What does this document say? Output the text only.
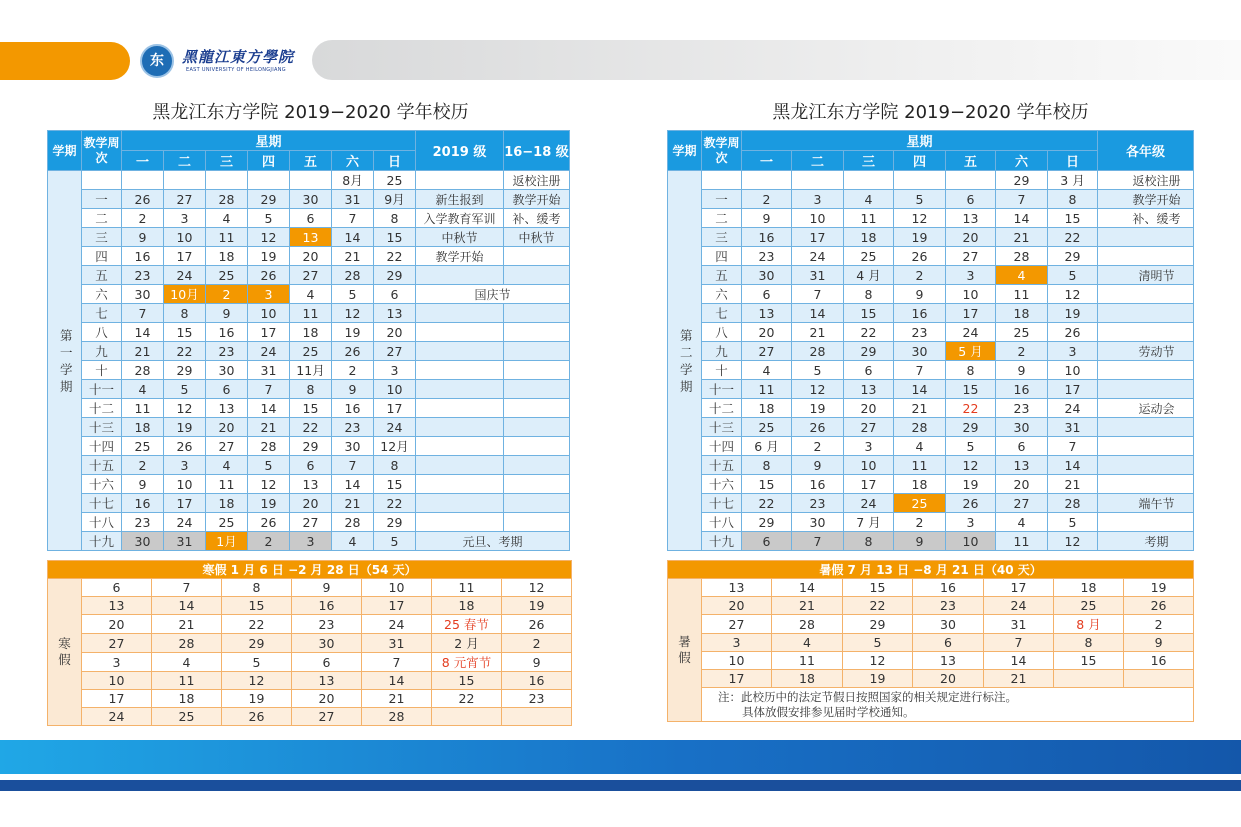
东	黑龍江東方學院
EAST UNIVERSITY OF HEILONGJIANG
黑龙江东方学院 2019−2020 学年校历	黑龙江东方学院 2019−2020 学年校历
学期	教学周次	星期							2019 级	16−18 级
		一	二	三	四	五	六	日		
第一学期							8月	25		返校注册
	一	26	27	28	29	30	31	9月	新生报到	教学开始
	二	2	3	4	5	6	7	8	入学教育军训	补、缓考
	三	9	10	11	12	13	14	15	中秋节	中秋节
	四	16	17	18	19	20	21	22	教学开始	
	五	23	24	25	26	27	28	29		
	六	30	10月	2	3	4	5	6	国庆节	
	七	7	8	9	10	11	12	13		
	八	14	15	16	17	18	19	20		
	九	21	22	23	24	25	26	27		
	十	28	29	30	31	11月	2	3		
	十一	4	5	6	7	8	9	10		
	十二	11	12	13	14	15	16	17		
	十三	18	19	20	21	22	23	24		
	十四	25	26	27	28	29	30	12月		
	十五	2	3	4	5	6	7	8		
	十六	9	10	11	12	13	14	15		
	十七	16	17	18	19	20	21	22		
	十八	23	24	25	26	27	28	29		
	十九	30	31	1月	2	3	4	5	元旦、考期	
寒假 1 月 6 日 −2 月 28 日（54 天）							
寒假	6	7	8	9	10	11	12
	13	14	15	16	17	18	19
	20	21	22	23	24	25 春节	26
	27	28	29	30	31	2 月	2
	3	4	5	6	7	8 元宵节	9
	10	11	12	13	14	15	16
	17	18	19	20	21	22	23
	24	25	26	27	28		
学期	教学周次	星期							各年级
		一	二	三	四	五	六	日	
第二学期							29	3 月	返校注册
	一	2	3	4	5	6	7	8	教学开始
	二	9	10	11	12	13	14	15	补、缓考
	三	16	17	18	19	20	21	22	
	四	23	24	25	26	27	28	29	
	五	30	31	4 月	2	3	4	5	清明节
	六	6	7	8	9	10	11	12	
	七	13	14	15	16	17	18	19	
	八	20	21	22	23	24	25	26	
	九	27	28	29	30	5 月	2	3	劳动节
	十	4	5	6	7	8	9	10	
	十一	11	12	13	14	15	16	17	
	十二	18	19	20	21	22	23	24	运动会
	十三	25	26	27	28	29	30	31	
	十四	6 月	2	3	4	5	6	7	
	十五	8	9	10	11	12	13	14	
	十六	15	16	17	18	19	20	21	
	十七	22	23	24	25	26	27	28	端午节
	十八	29	30	7 月	2	3	4	5	
	十九	6	7	8	9	10	11	12	考期
暑假 7 月 13 日 −8 月 21 日（40 天）							
暑假	13	14	15	16	17	18	19
	20	21	22	23	24	25	26
	27	28	29	30	31	8 月	2
	3	4	5	6	7	8	9
	10	11	12	13	14	15	16
	17	18	19	20	21		

	注：此校历中的法定节假日按照国家的相关规定进行标注。
具体放假安排参见届时学校通知。						
